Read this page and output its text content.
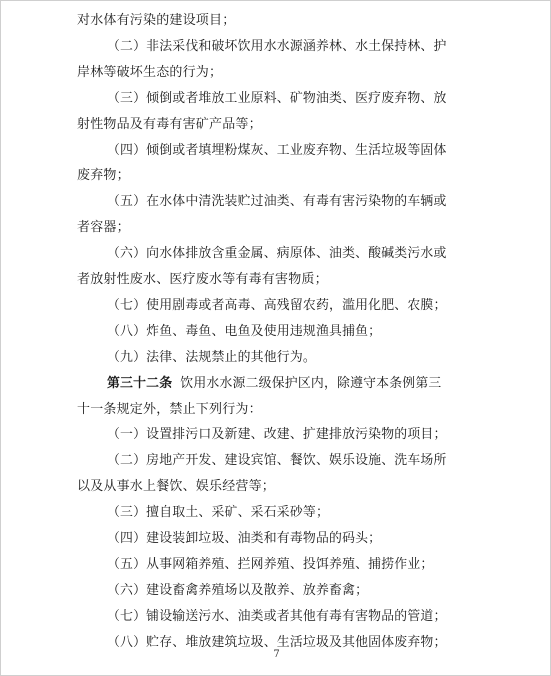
对水体有污染的建设项目；
（二）非法采伐和破坏饮用水水源涵养林、水土保持林、护
岸林等破坏生态的行为；
（三）倾倒或者堆放工业原料、矿物油类、医疗废弃物、放
射性物品及有毒有害矿产品等；
（四）倾倒或者填埋粉煤灰、工业废弃物、生活垃圾等固体
废弃物；
（五）在水体中清洗装贮过油类、有毒有害污染物的车辆或
者容器；
（六）向水体排放含重金属、病原体、油类、酸碱类污水或
者放射性废水、医疗废水等有毒有害物质；
（七）使用剧毒或者高毒、高残留农药，滥用化肥、农膜；
（八）炸鱼、毒鱼、电鱼及使用违规渔具捕鱼；
（九）法律、法规禁止的其他行为。
第三十二条 饮用水水源二级保护区内，除遵守本条例第三
十一条规定外，禁止下列行为：
（一）设置排污口及新建、改建、扩建排放污染物的项目；
（二）房地产开发、建设宾馆、餐饮、娱乐设施、洗车场所
以及从事水上餐饮、娱乐经营等；
（三）擅自取土、采矿、采石采砂等；
（四）建设装卸垃圾、油类和有毒物品的码头；
（五）从事网箱养殖、拦网养殖、投饵养殖、捕捞作业；
（六）建设畜禽养殖场以及散养、放养畜禽；
（七）铺设输送污水、油类或者其他有毒有害物品的管道；
（八）贮存、堆放建筑垃圾、生活垃圾及其他固体废弃物；
7
